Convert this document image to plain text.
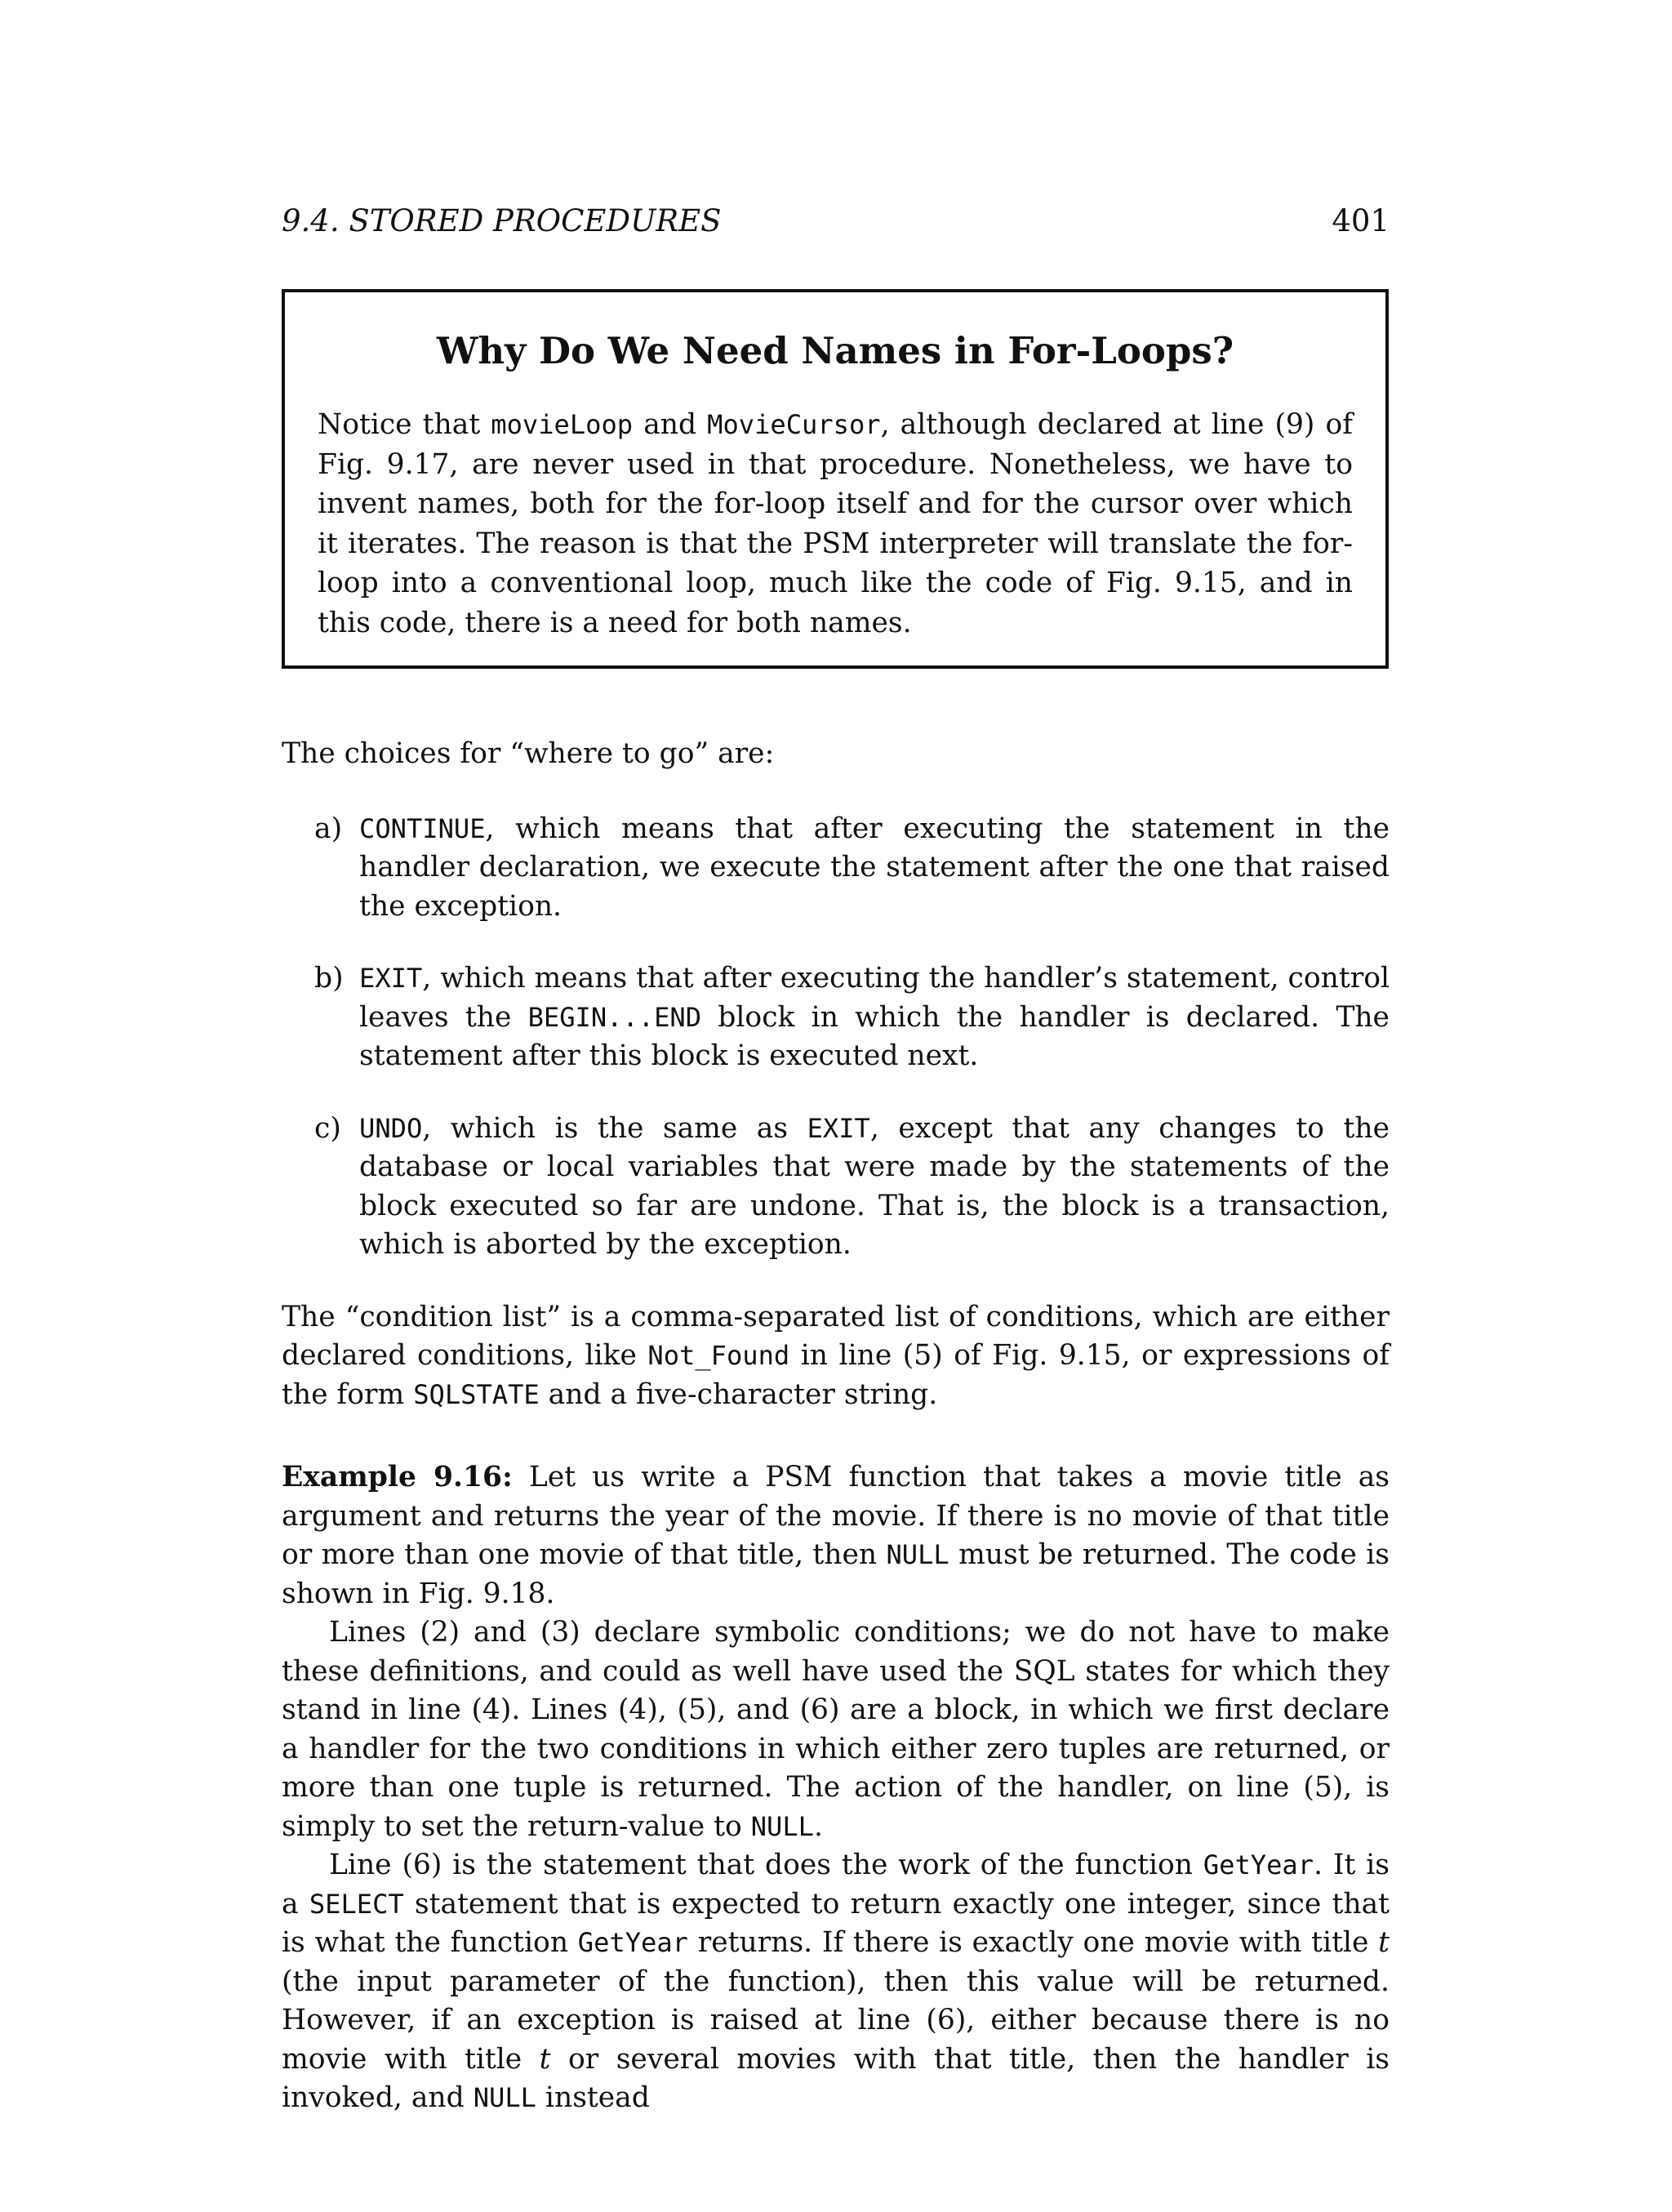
9.4. STORED PROCEDURES	401
Why Do We Need Names in For-Loops?

Notice that movieLoop and MovieCursor, although declared at line (9) of Fig. 9.17, are never used in that procedure. Nonetheless, we have to invent names, both for the for-loop itself and for the cursor over which it iterates. The reason is that the PSM interpreter will translate the for-loop into a conventional loop, much like the code of Fig. 9.15, and in this code, there is a need for both names.

The choices for “where to go” are:

a) CONTINUE, which means that after executing the statement in the handler declaration, we execute the statement after the one that raised the exception.

b) EXIT, which means that after executing the handler’s statement, control leaves the BEGIN...END block in which the handler is declared. The statement after this block is executed next.

c) UNDO, which is the same as EXIT, except that any changes to the database or local variables that were made by the statements of the block executed so far are undone. That is, the block is a transaction, which is aborted by the exception.

The “condition list” is a comma-separated list of conditions, which are either declared conditions, like Not_Found in line (5) of Fig. 9.15, or expressions of the form SQLSTATE and a five-character string.

Example 9.16: Let us write a PSM function that takes a movie title as argument and returns the year of the movie. If there is no movie of that title or more than one movie of that title, then NULL must be returned. The code is shown in Fig. 9.18.

Lines (2) and (3) declare symbolic conditions; we do not have to make these definitions, and could as well have used the SQL states for which they stand in line (4). Lines (4), (5), and (6) are a block, in which we first declare a handler for the two conditions in which either zero tuples are returned, or more than one tuple is returned. The action of the handler, on line (5), is simply to set the return-value to NULL.

Line (6) is the statement that does the work of the function GetYear. It is a SELECT statement that is expected to return exactly one integer, since that is what the function GetYear returns. If there is exactly one movie with title t (the input parameter of the function), then this value will be returned. However, if an exception is raised at line (6), either because there is no movie with title t or several movies with that title, then the handler is invoked, and NULL instead
